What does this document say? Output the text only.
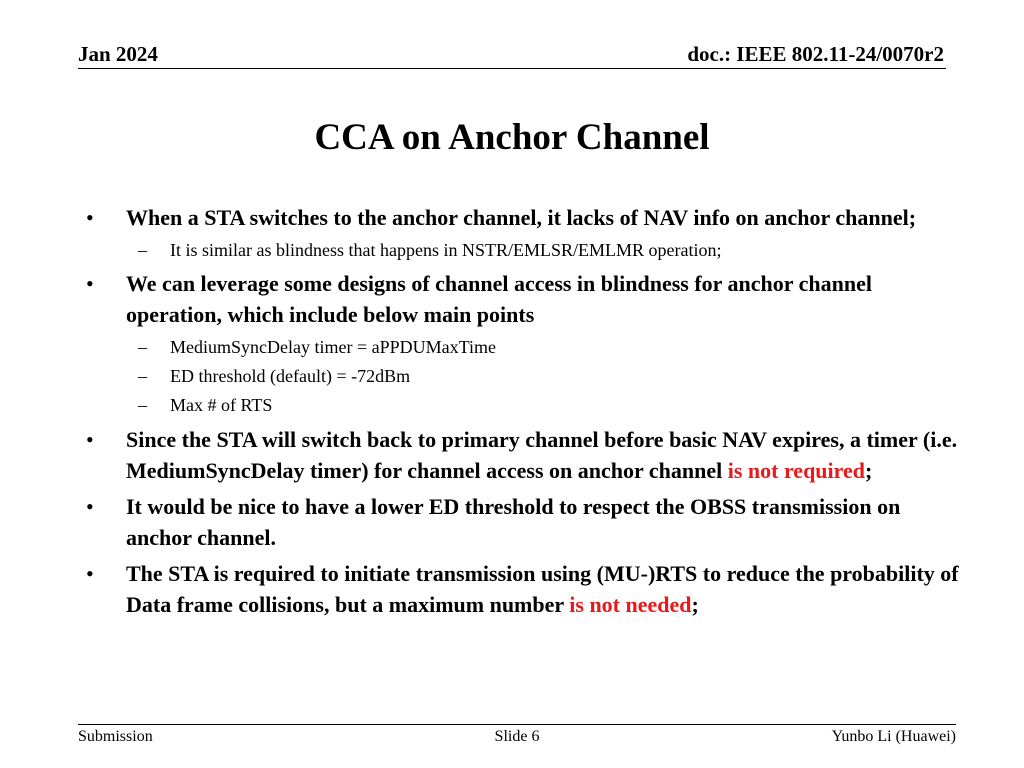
Jan 2024	doc.: IEEE 802.11-24/0070r2
CCA on Anchor Channel
• When a STA switches to the anchor channel, it lacks of NAV info on anchor channel;
– It is similar as blindness that happens in NSTR/EMLSR/EMLMR operation;
• We can leverage some designs of channel access in blindness for anchor channel operation, which include below main points
– MediumSyncDelay timer = aPPDUMaxTime
– ED threshold (default) = -72dBm
– Max # of RTS
• Since the STA will switch back to primary channel before basic NAV expires, a timer (i.e. MediumSyncDelay timer) for channel access on anchor channel is not required;
• It would be nice to have a lower ED threshold to respect the OBSS transmission on anchor channel.
• The STA is required to initiate transmission using (MU-)RTS to reduce the probability of Data frame collisions, but a maximum number is not needed;
Submission	Slide 6	Yunbo Li (Huawei)
